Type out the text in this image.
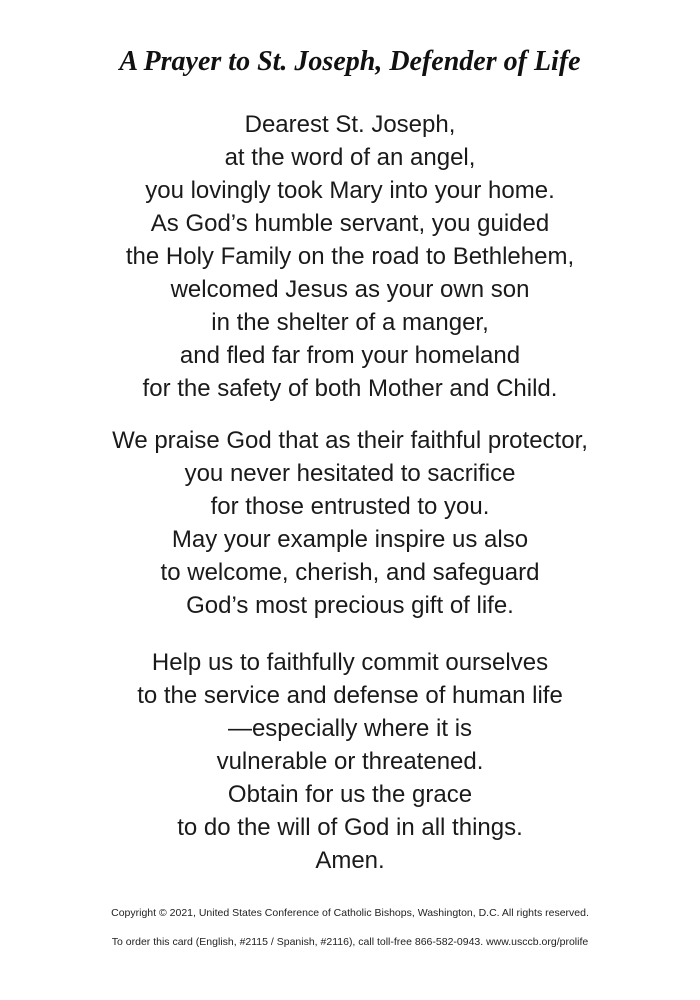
A Prayer to St. Joseph, Defender of Life
Dearest St. Joseph,
at the word of an angel,
you lovingly took Mary into your home.
As God’s humble servant, you guided
the Holy Family on the road to Bethlehem,
welcomed Jesus as your own son
in the shelter of a manger,
and fled far from your homeland
for the safety of both Mother and Child.
We praise God that as their faithful protector,
you never hesitated to sacrifice
for those entrusted to you.
May your example inspire us also
to welcome, cherish, and safeguard
God’s most precious gift of life.
Help us to faithfully commit ourselves
to the service and defense of human life
—especially where it is
vulnerable or threatened.
Obtain for us the grace
to do the will of God in all things.
Amen.
Copyright © 2021, United States Conference of Catholic Bishops, Washington, D.C. All rights reserved.
To order this card (English, #2115 / Spanish, #2116), call toll-free 866-582-0943. www.usccb.org/prolife
